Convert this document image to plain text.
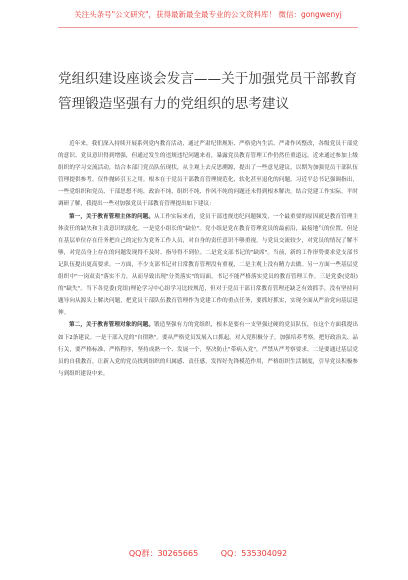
关注头条号"公文研究"，获得最新最全最专业的公文资料库！ 微信：gongwenyj
党组织建设座谈会发言——关于加强党员干部教育
管理锻造坚强有力的党组织的思考建议

近年来，我们深入持续开展系列党内教育活动，通过严肃纪律规矩、严格党内生活、严肃作风整改，各级党员干部党的意识、党员意识得到增强，但通过发生的违规违纪问题来看，暴露党员教育管理工作仍然任重道远。近来通过参加上级组织的学习交流活动，结合本部门党员队伍现状，从主观上去反思溯源，提出了一些意见建议，以期为加强党员干部队伍管理提供参考，仅作抛砖引玉之用。根本在于党员干部教育管理规范化、软化甚至退化的问题，习近平总书记强调指出，一些党组织和党员、干部思想不纯、政治不纯、组织不纯、作风不纯的问题还未得到根本解决。结合党建工作实际，平时调研了解，我提出一些对加强党员干部教育管理提出如下建议：

第一，关于教育管理主体的问题。从工作实际来看，党员干部违规违纪问题频发，一个最重要的原因就是教育管理主体责任的缺失和主责意识的淡化。一是党小组长的"缺位"。党小组是党在教育管理党员的最前沿，最接地气的位置，但是在基层单位存在任务把自己的定位为党务工作人员，对自身的责任意识不够重视，与党员交流较少，对党员的情况了解不够，对党员身上存在的问题发现得不及时、指导得不到位。二是党支部书记的"缺席"。当前，新的工作形势要求党支部书记队伍提出更高要求。一方面，不少支部书记对日常教育管理没有重视，二是主观上没有精力去做。另一方面一些基层党组织中"一岗双责"落实不力，从而导致出现"分类落实"的局面，书记不能严格落实党员的教育管理工作。三是党委(党组)的"缺失"。当下各党委(党组)理论学习中心组学习比较规范，但对于党员干部日常教育管理还缺乏有效抓手，没有坚持问题导向从源头上解决问题，把党员干部队伍教育管理作为党建工作的重点任务，要抓好抓实，实现全面从严治党向基层延伸。

第二，关于教育管理对象的问题。锻造坚强有力的党组织，根本是要有一支坚强过硬的党员队伍，在这个方面我提出如下2条建议。一是干部入党的"自律熟"。要从严格党员发展入口抓起，对入党积极分子，加强培养考察，把好政治关、品行关，要严格标准、严格程序，坚持成熟一个、发展一个，坚决防止"带病入党"，严禁从严考察要求。二是要通过基层党员的自我教育，让新入党的党员找到组织的归属感、责任感，发挥好先锋模范作用，严格组织生活制度，引导党员积极参与到组织建设中来。

QQ群：30265665	QQ：535304092
